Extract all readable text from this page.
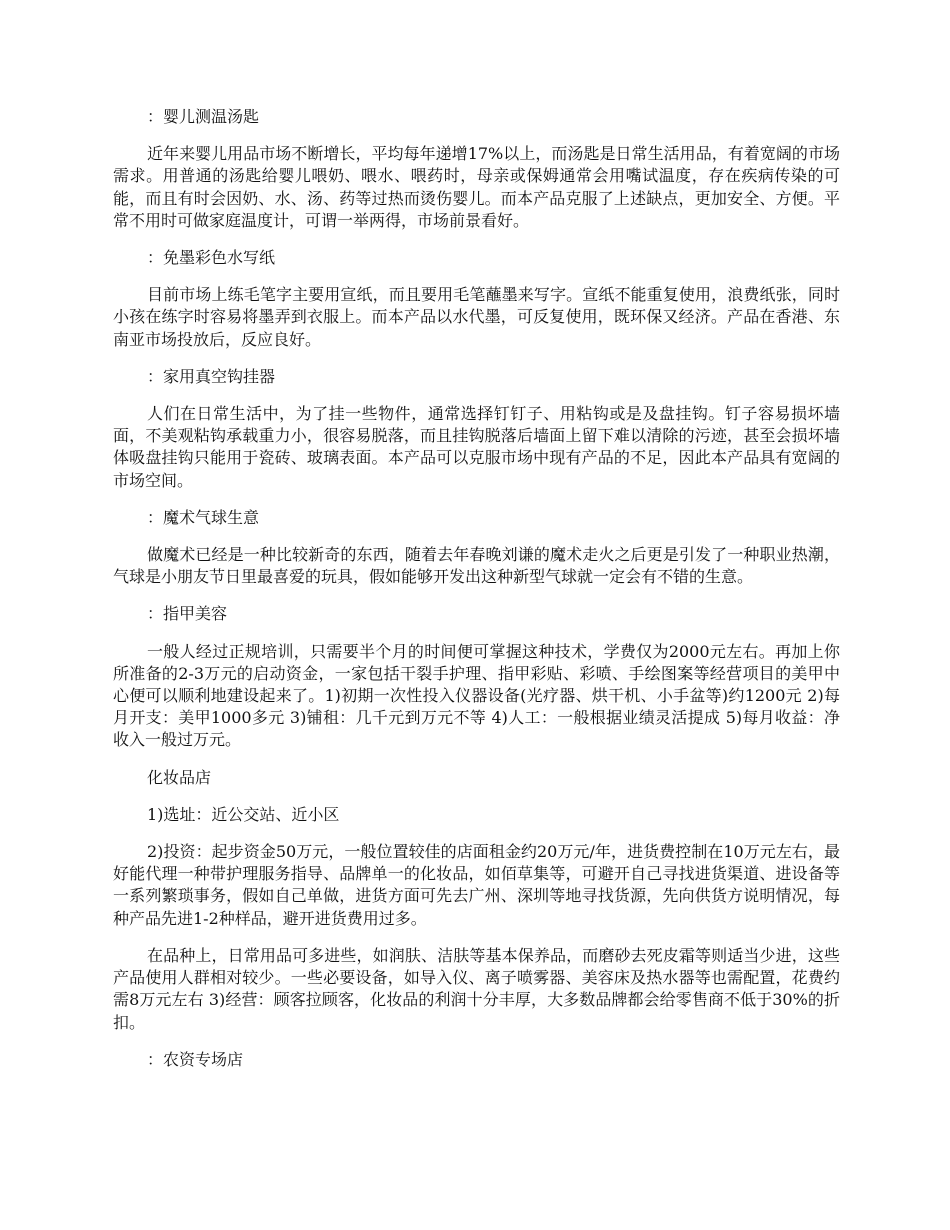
：婴儿测温汤匙

近年来婴儿用品市场不断增长，平均每年递增17%以上，而汤匙是日常生活用品，有着宽阔的市场需求。用普通的汤匙给婴儿喂奶、喂水、喂药时，母亲或保姆通常会用嘴试温度，存在疾病传染的可能，而且有时会因奶、水、汤、药等过热而烫伤婴儿。而本产品克服了上述缺点，更加安全、方便。平常不用时可做家庭温度计，可谓一举两得，市场前景看好。

：免墨彩色水写纸

目前市场上练毛笔字主要用宣纸，而且要用毛笔蘸墨来写字。宣纸不能重复使用，浪费纸张，同时小孩在练字时容易将墨弄到衣服上。而本产品以水代墨，可反复使用，既环保又经济。产品在香港、东南亚市场投放后，反应良好。

：家用真空钩挂器

人们在日常生活中，为了挂一些物件，通常选择钉钉子、用粘钩或是及盘挂钩。钉子容易损坏墙面，不美观粘钩承载重力小，很容易脱落，而且挂钩脱落后墙面上留下难以清除的污迹，甚至会损坏墙体吸盘挂钩只能用于瓷砖、玻璃表面。本产品可以克服市场中现有产品的不足，因此本产品具有宽阔的市场空间。

：魔术气球生意

做魔术已经是一种比较新奇的东西，随着去年春晚刘谦的魔术走火之后更是引发了一种职业热潮，气球是小朋友节日里最喜爱的玩具，假如能够开发出这种新型气球就一定会有不错的生意。

：指甲美容

一般人经过正规培训，只需要半个月的时间便可掌握这种技术，学费仅为2000元左右。再加上你所准备的2-3万元的启动资金，一家包括干裂手护理、指甲彩贴、彩喷、手绘图案等经营项目的美甲中心便可以顺利地建设起来了。1)初期一次性投入仪器设备(光疗器、烘干机、小手盆等)约1200元 2)每月开支：美甲1000多元 3)铺租：几千元到万元不等 4)人工：一般根据业绩灵活提成 5)每月收益：净收入一般过万元。

化妆品店

1)选址：近公交站、近小区

2)投资：起步资金50万元，一般位置较佳的店面租金约20万元/年，进货费控制在10万元左右，最好能代理一种带护理服务指导、品牌单一的化妆品，如佰草集等，可避开自己寻找进货渠道、进设备等一系列繁琐事务，假如自己单做，进货方面可先去广州、深圳等地寻找货源，先向供货方说明情况，每种产品先进1-2种样品，避开进货费用过多。

在品种上，日常用品可多进些，如润肤、洁肤等基本保养品，而磨砂去死皮霜等则适当少进，这些产品使用人群相对较少。一些必要设备，如导入仪、离子喷雾器、美容床及热水器等也需配置，花费约需8万元左右 3)经营：顾客拉顾客，化妆品的利润十分丰厚，大多数品牌都会给零售商不低于30%的折扣。

：农资专场店
